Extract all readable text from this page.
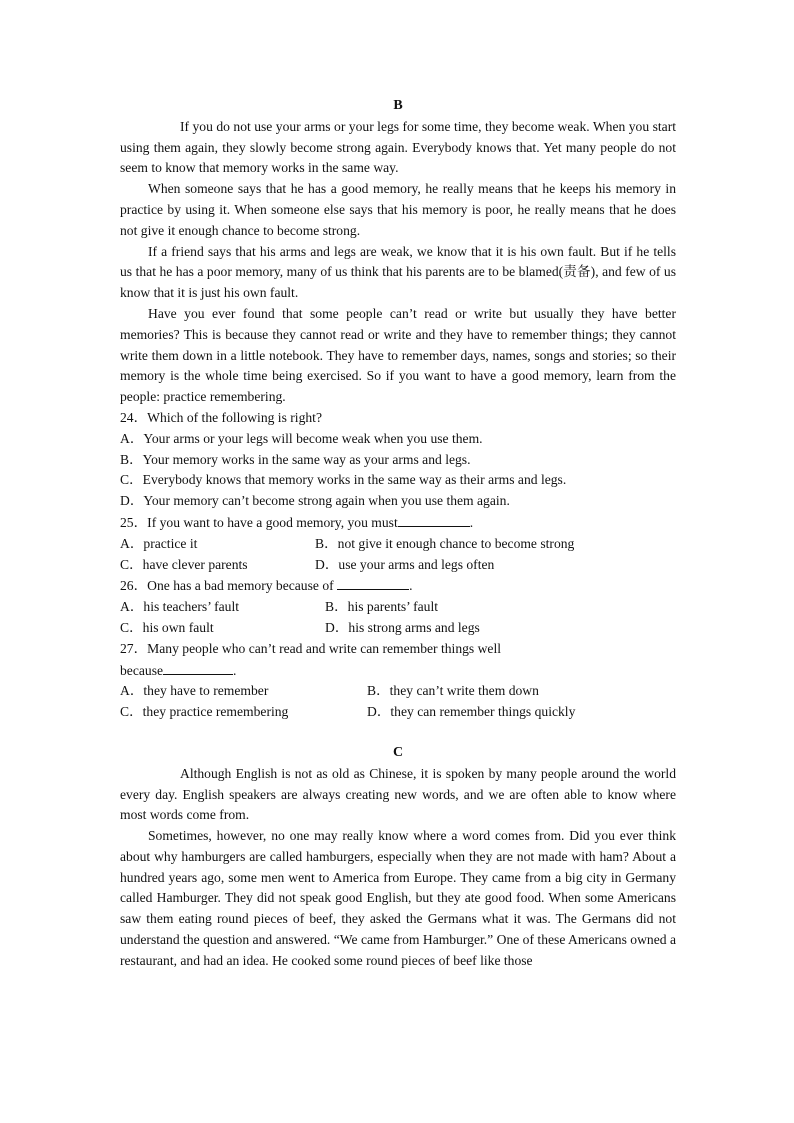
B
If you do not use your arms or your legs for some time, they become weak. When you start using them again, they slowly become strong again. Everybody knows that. Yet many people do not seem to know that memory works in the same way.
When someone says that he has a good memory, he really means that he keeps his memory in practice by using it. When someone else says that his memory is poor, he really means that he does not give it enough chance to become strong.
If a friend says that his arms and legs are weak, we know that it is his own fault. But if he tells us that he has a poor memory, many of us think that his parents are to be blamed(责备), and few of us know that it is just his own fault.
Have you ever found that some people can’t read or write but usually they have better memories? This is because they cannot read or write and they have to remember things; they cannot write them down in a little notebook. They have to remember days, names, songs and stories; so their memory is the whole time being exercised. So if you want to have a good memory, learn from the people: practice remembering.
24．Which of the following is right?
A．Your arms or your legs will become weak when you use them.
B．Your memory works in the same way as your arms and legs.
C．Everybody knows that memory works in the same way as their arms and legs.
D．Your memory can’t become strong again when you use them again.
25．If you want to have a good memory, you must	.
A．practice it	B．not give it enough chance to become strong
C．have clever parents	D．use your arms and legs often
26．One has a bad memory because of	.
A．his teachers’ fault	B．his parents’ fault
C．his own fault	D．his strong arms and legs
27．Many people who can’t read and write can remember things well
because	.
A．they have to remember	B．they can’t write them down
C．they practice remembering	D．they can remember things quickly
C
Although English is not as old as Chinese, it is spoken by many people around the world every day. English speakers are always creating new words, and we are often able to know where most words come from.
Sometimes, however, no one may really know where a word comes from. Did you ever think about why hamburgers are called hamburgers, especially when they are not made with ham? About a hundred years ago, some men went to America from Europe. They came from a big city in Germany called Hamburger. They did not speak good English, but they ate good food. When some Americans saw them eating round pieces of beef, they asked the Germans what it was. The Germans did not understand the question and answered. “We came from Hamburger.” One of these Americans owned a restaurant, and had an idea. He cooked some round pieces of beef like those
